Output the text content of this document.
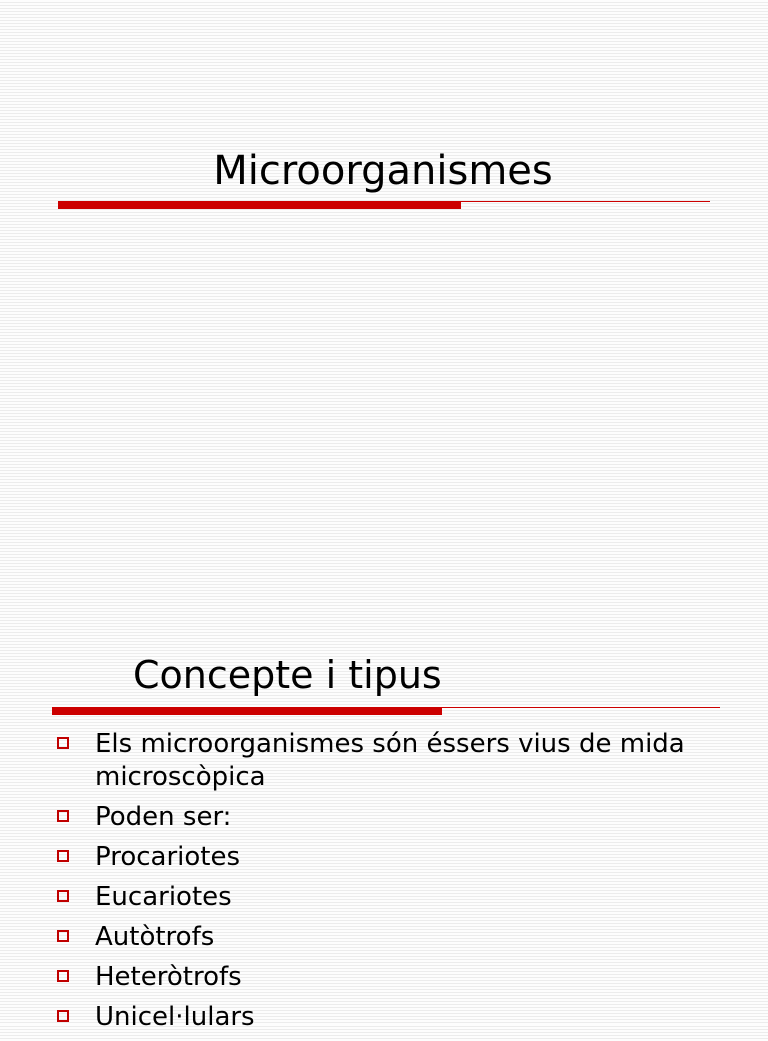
Microorganismes
Concepte i tipus
Els microorganismes són éssers vius de mida
microscòpica
Poden ser:
Procariotes
Eucariotes
Autòtrofs
Heteròtrofs
Unicel·lulars
